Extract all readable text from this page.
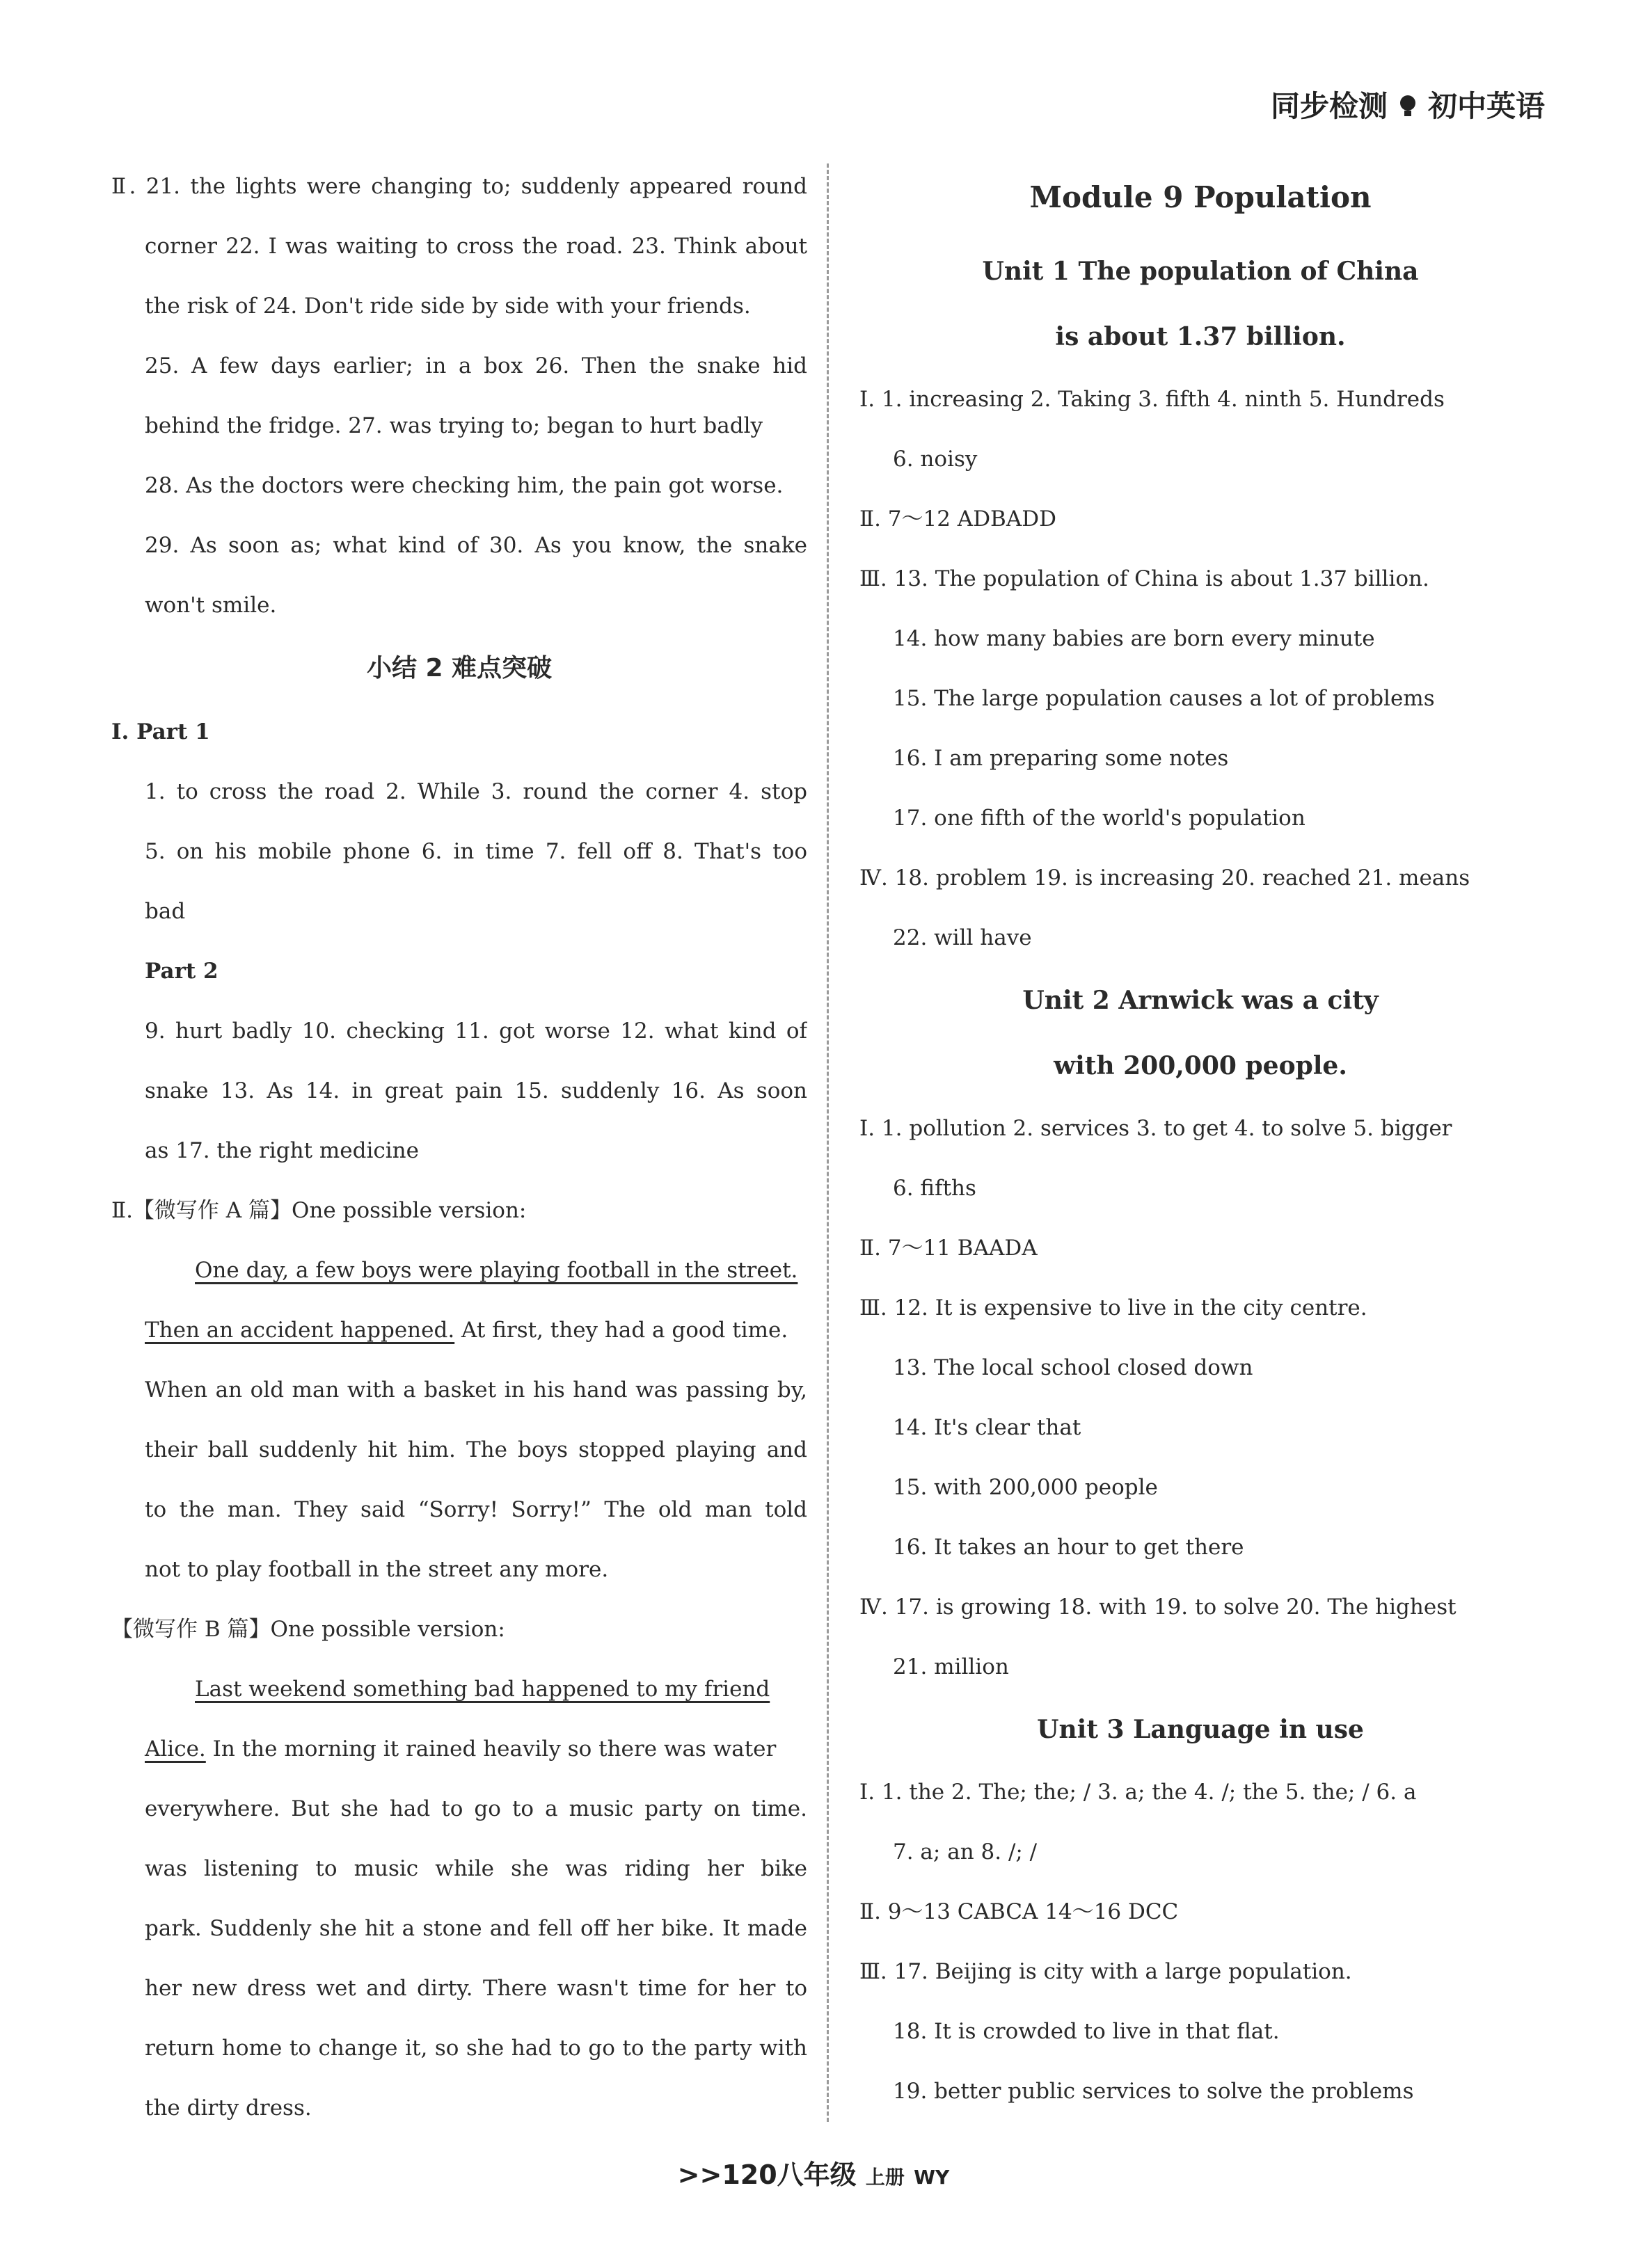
同步检测 初中英语
Ⅱ. 21. the lights were changing to; suddenly appeared round
corner 22. I was waiting to cross the road. 23. Think about
the risk of 24. Don't ride side by side with your friends.
25. A few days earlier; in a box 26. Then the snake hid
behind the fridge. 27. was trying to; began to hurt badly
28. As the doctors were checking him, the pain got worse.
29. As soon as; what kind of 30. As you know, the snake
won't smile.
小结 2 难点突破
Ⅰ. Part 1
1. to cross the road 2. While 3. round the corner 4. stop
5. on his mobile phone 6. in time 7. fell off 8. That's too
bad
Part 2
9. hurt badly 10. checking 11. got worse 12. what kind of
snake 13. As 14. in great pain 15. suddenly 16. As soon
as 17. the right medicine
Ⅱ.【微写作 A 篇】One possible version:
One day, a few boys were playing football in the street.
Then an accident happened. At first, they had a good time.
When an old man with a basket in his hand was passing by,
their ball suddenly hit him. The boys stopped playing and
to the man. They said “Sorry! Sorry!” The old man told
not to play football in the street any more.
【微写作 B 篇】One possible version:
Last weekend something bad happened to my friend
Alice. In the morning it rained heavily so there was water
everywhere. But she had to go to a music party on time.
was listening to music while she was riding her bike
park. Suddenly she hit a stone and fell off her bike. It made
her new dress wet and dirty. There wasn't time for her to
return home to change it, so she had to go to the party with
the dirty dress.
Module 9 Population
Unit 1 The population of China
is about 1.37 billion.
Ⅰ. 1. increasing 2. Taking 3. fifth 4. ninth 5. Hundreds
6. noisy
Ⅱ. 7～12 ADBADD
Ⅲ. 13. The population of China is about 1.37 billion.
14. how many babies are born every minute
15. The large population causes a lot of problems
16. I am preparing some notes
17. one fifth of the world's population
Ⅳ. 18. problem 19. is increasing 20. reached 21. means
22. will have
Unit 2 Arnwick was a city
with 200,000 people.
Ⅰ. 1. pollution 2. services 3. to get 4. to solve 5. bigger
6. fifths
Ⅱ. 7～11 BAADA
Ⅲ. 12. It is expensive to live in the city centre.
13. The local school closed down
14. It's clear that
15. with 200,000 people
16. It takes an hour to get there
Ⅳ. 17. is growing 18. with 19. to solve 20. The highest
21. million
Unit 3 Language in use
Ⅰ. 1. the 2. The; the; / 3. a; the 4. /; the 5. the; / 6. a
7. a; an 8. /; /
Ⅱ. 9～13 CABCA 14～16 DCC
Ⅲ. 17. Beijing is city with a large population.
18. It is crowded to live in that flat.
19. better public services to solve the problems
>>120八年级 上册 WY
